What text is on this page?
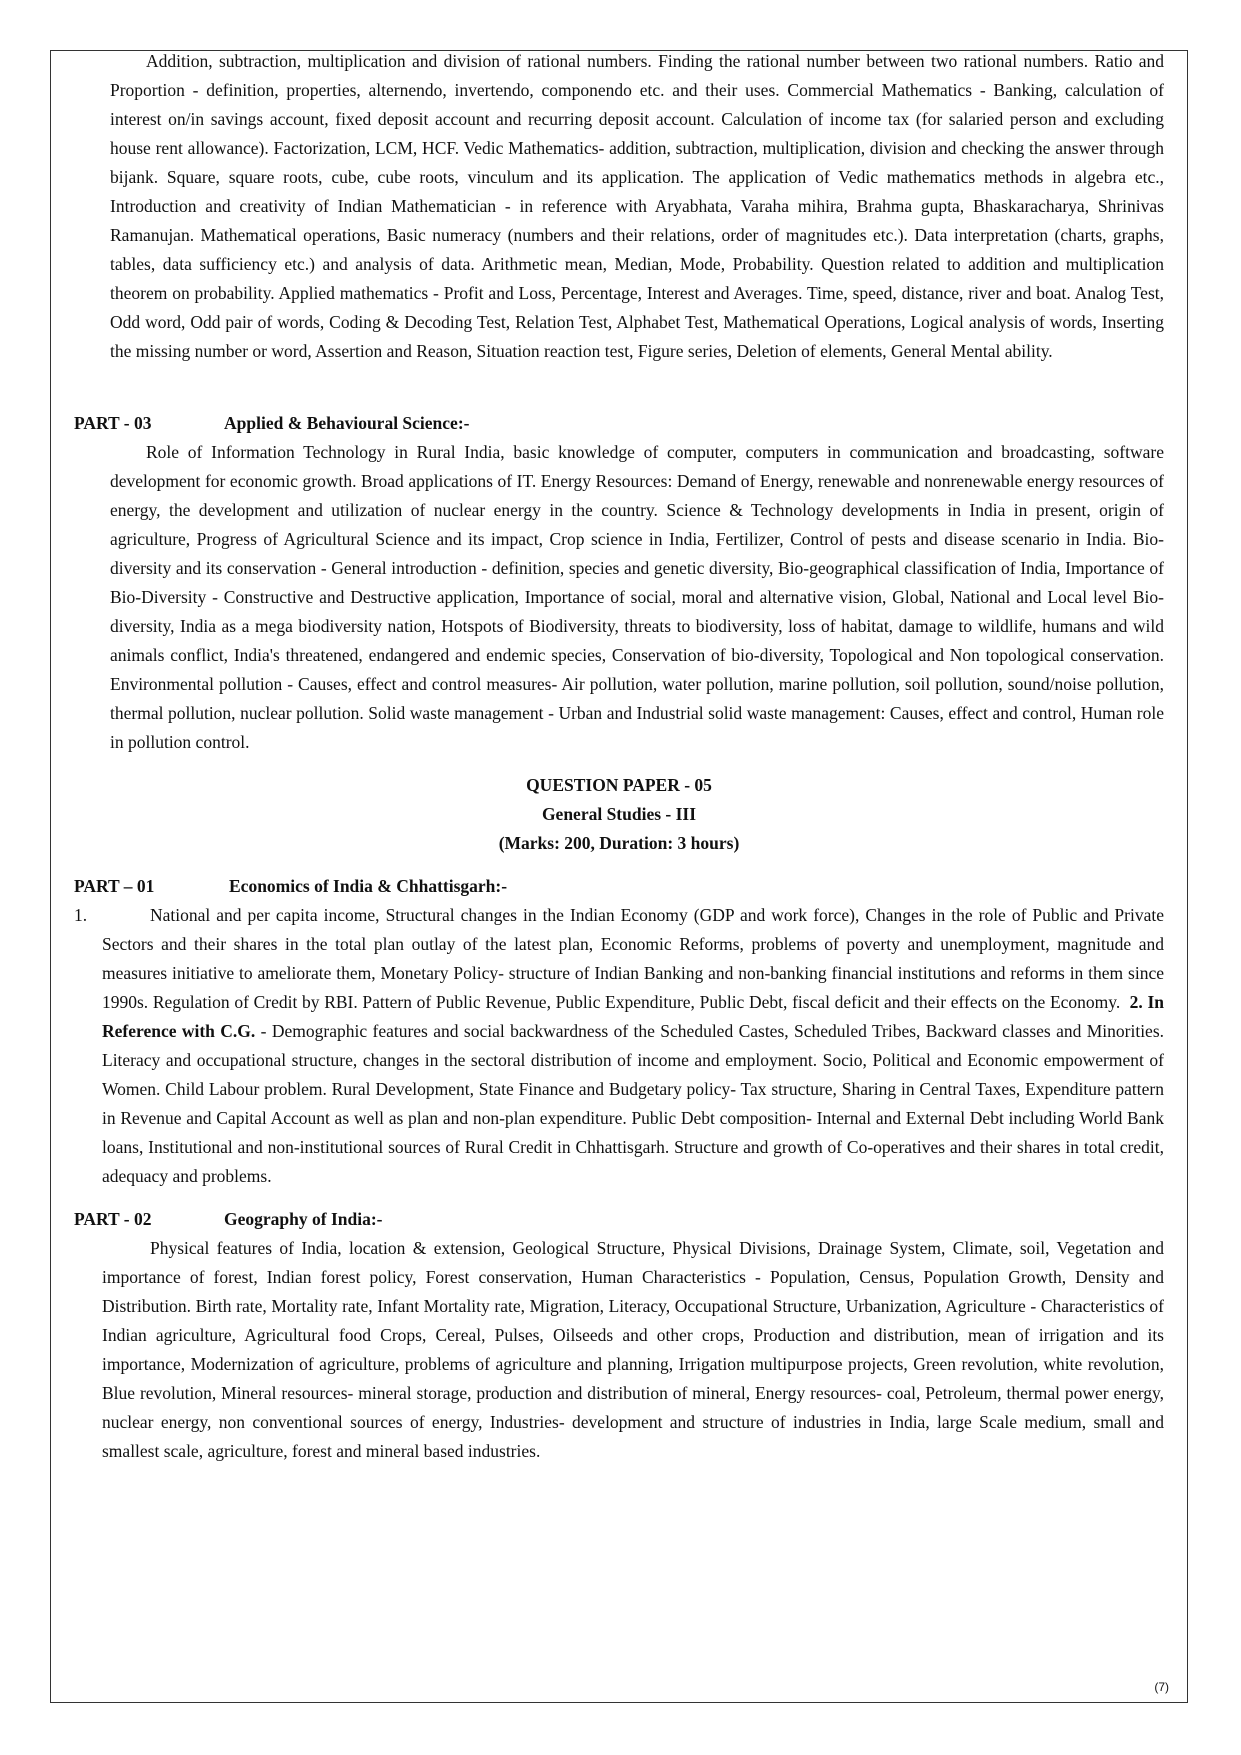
Addition, subtraction, multiplication and division of rational numbers. Finding the rational number between two rational numbers. Ratio and Proportion - definition, properties, alternendo, invertendo, componendo etc. and their uses. Commercial Mathematics - Banking, calculation of interest on/in savings account, fixed deposit account and recurring deposit account. Calculation of income tax (for salaried person and excluding house rent allowance). Factorization, LCM, HCF. Vedic Mathematics- addition, subtraction, multiplication, division and checking the answer through bijank. Square, square roots, cube, cube roots, vinculum and its application. The application of Vedic mathematics methods in algebra etc., Introduction and creativity of Indian Mathematician - in reference with Aryabhata, Varaha mihira, Brahma gupta, Bhaskaracharya, Shrinivas Ramanujan. Mathematical operations, Basic numeracy (numbers and their relations, order of magnitudes etc.). Data interpretation (charts, graphs, tables, data sufficiency etc.) and analysis of data. Arithmetic mean, Median, Mode, Probability. Question related to addition and multiplication theorem on probability. Applied mathematics - Profit and Loss, Percentage, Interest and Averages. Time, speed, distance, river and boat. Analog Test, Odd word, Odd pair of words, Coding & Decoding Test, Relation Test, Alphabet Test, Mathematical Operations, Logical analysis of words, Inserting the missing number or word, Assertion and Reason, Situation reaction test, Figure series, Deletion of elements, General Mental ability.

PART - 03	Applied & Behavioural Science:-

Role of Information Technology in Rural India, basic knowledge of computer, computers in communication and broadcasting, software development for economic growth. Broad applications of IT. Energy Resources: Demand of Energy, renewable and nonrenewable energy resources of energy, the development and utilization of nuclear energy in the country. Science & Technology developments in India in present, origin of agriculture, Progress of Agricultural Science and its impact, Crop science in India, Fertilizer, Control of pests and disease scenario in India. Bio-diversity and its conservation - General introduction - definition, species and genetic diversity, Bio-geographical classification of India, Importance of Bio-Diversity - Constructive and Destructive application, Importance of social, moral and alternative vision, Global, National and Local level Bio-diversity, India as a mega biodiversity nation, Hotspots of Biodiversity, threats to biodiversity, loss of habitat, damage to wildlife, humans and wild animals conflict, India's threatened, endangered and endemic species, Conservation of bio-diversity, Topological and Non topological conservation. Environmental pollution - Causes, effect and control measures- Air pollution, water pollution, marine pollution, soil pollution, sound/noise pollution, thermal pollution, nuclear pollution. Solid waste management - Urban and Industrial solid waste management: Causes, effect and control, Human role in pollution control.

QUESTION PAPER - 05
General Studies - III
(Marks: 200, Duration: 3 hours)
PART – 01	Economics of India & Chhattisgarh:-

1.	National and per capita income, Structural changes in the Indian Economy (GDP and work force), Changes in the role of Public and Private Sectors and their shares in the total plan outlay of the latest plan, Economic Reforms, problems of poverty and unemployment, magnitude and measures initiative to ameliorate them, Monetary Policy- structure of Indian Banking and non-banking financial institutions and reforms in them since 1990s. Regulation of Credit by RBI. Pattern of Public Revenue, Public Expenditure, Public Debt, fiscal deficit and their effects on the Economy. 2. In Reference with C.G. - Demographic features and social backwardness of the Scheduled Castes, Scheduled Tribes, Backward classes and Minorities. Literacy and occupational structure, changes in the sectoral distribution of income and employment. Socio, Political and Economic empowerment of Women. Child Labour problem. Rural Development, State Finance and Budgetary policy- Tax structure, Sharing in Central Taxes, Expenditure pattern in Revenue and Capital Account as well as plan and non-plan expenditure. Public Debt composition- Internal and External Debt including World Bank loans, Institutional and non-institutional sources of Rural Credit in Chhattisgarh. Structure and growth of Co-operatives and their shares in total credit, adequacy and problems.

PART - 02	Geography of India:-

Physical features of India, location & extension, Geological Structure, Physical Divisions, Drainage System, Climate, soil, Vegetation and importance of forest, Indian forest policy, Forest conservation, Human Characteristics - Population, Census, Population Growth, Density and Distribution. Birth rate, Mortality rate, Infant Mortality rate, Migration, Literacy, Occupational Structure, Urbanization, Agriculture - Characteristics of Indian agriculture, Agricultural food Crops, Cereal, Pulses, Oilseeds and other crops, Production and distribution, mean of irrigation and its importance, Modernization of agriculture, problems of agriculture and planning, Irrigation multipurpose projects, Green revolution, white revolution, Blue revolution, Mineral resources- mineral storage, production and distribution of mineral, Energy resources- coal, Petroleum, thermal power energy, nuclear energy, non conventional sources of energy, Industries- development and structure of industries in India, large Scale medium, small and smallest scale, agriculture, forest and mineral based industries.

(7)
